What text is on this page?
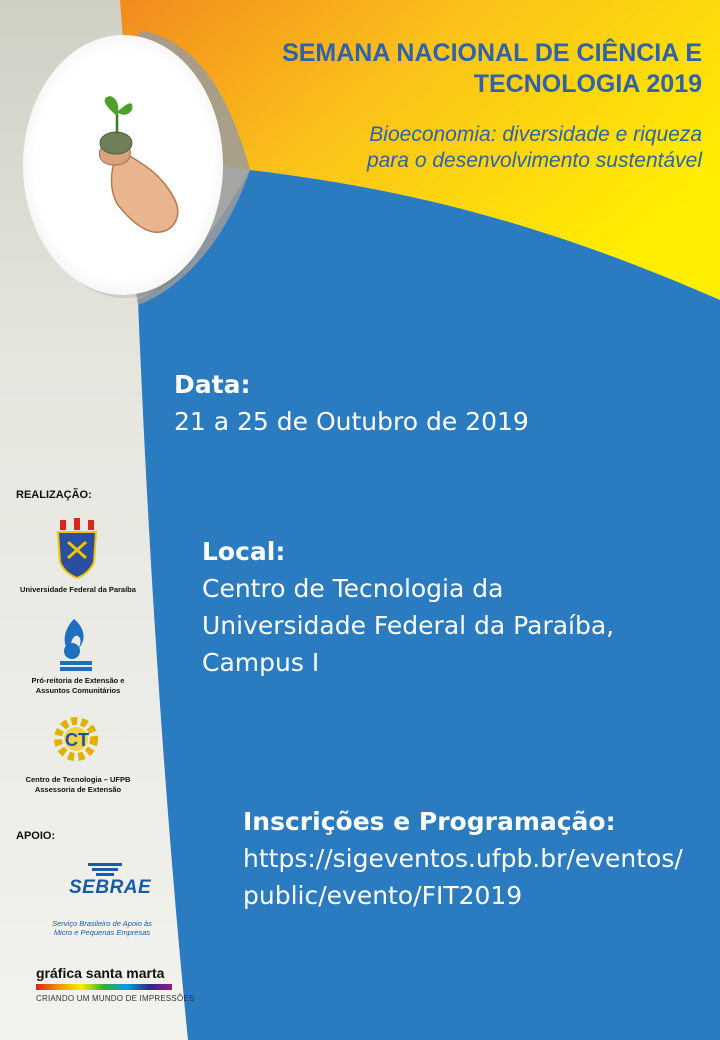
SEMANA NACIONAL DE CIÊNCIA E TECNOLOGIA 2019
Bioeconomia: diversidade e riqueza para o desenvolvimento sustentável
Data:
21 a 25 de Outubro de 2019
Local:
Centro de Tecnologia da Universidade Federal da Paraíba, Campus I
Inscrições e Programação:
https://sigeventos.ufpb.br/eventos/public/evento/FIT2019
REALIZAÇÃO:
Universidade Federal da Paraíba
Pró-reitoria de Extensão e Assuntos Comunitários
CT
Centro de Tecnologia – UFPB Assessoria de Extensão
APOIO:
SEBRAE
Serviço Brasileiro de Apoio às Micro e Pequenas Empresas
gráfica santa marta
CRIANDO UM MUNDO DE IMPRESSÕES
